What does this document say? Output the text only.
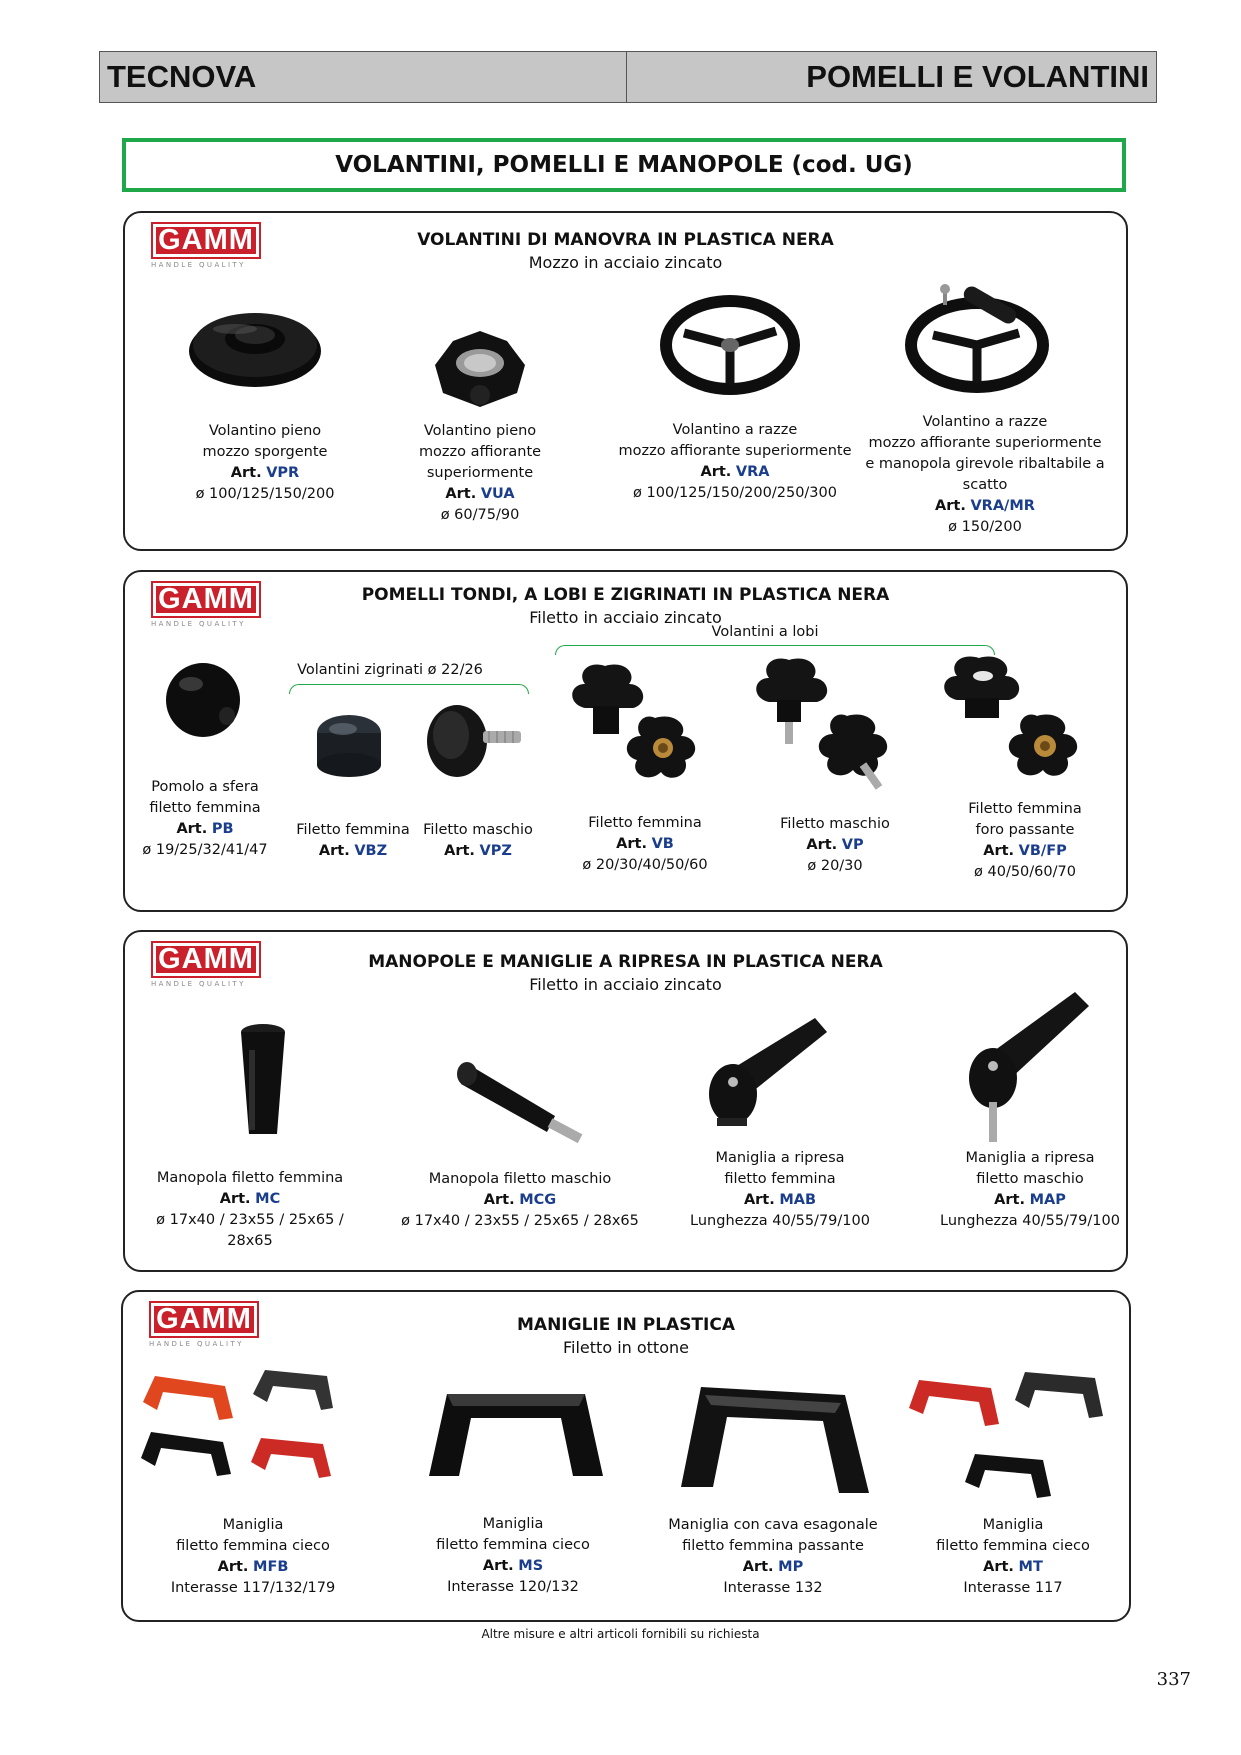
TECNOVA	POMELLI E VOLANTINI
VOLANTINI, POMELLI E MANOPOLE (cod. UG)
GAMM
HANDLE QUALITY
VOLANTINI DI MANOVRA IN PLASTICA NERA
Mozzo in acciaio zincato
Volantino pieno
mozzo sporgente
Art. VPR
ø 100/125/150/200
Volantino pieno
mozzo affiorante superiormente
Art. VUA
ø 60/75/90
Volantino a razze
mozzo affiorante superiormente
Art. VRA
ø 100/125/150/200/250/300
Volantino a razze
mozzo affiorante superiormente
e manopola girevole ribaltabile a scatto
Art. VRA/MR
ø 150/200
GAMM
HANDLE QUALITY
POMELLI TONDI, A LOBI E ZIGRINATI IN PLASTICA NERA
Filetto in acciaio zincato
Volantini zigrinati ø 22/26
Volantini a lobi
Pomolo a sfera
filetto femmina
Art. PB
ø 19/25/32/41/47
Filetto femmina
Art. VBZ
Filetto maschio
Art. VPZ
Filetto femmina
Art. VB
ø 20/30/40/50/60
Filetto maschio
Art. VP
ø 20/30
Filetto femmina
foro passante
Art. VB/FP
ø 40/50/60/70
GAMM
HANDLE QUALITY
MANOPOLE E MANIGLIE A RIPRESA IN PLASTICA NERA
Filetto in acciaio zincato
Manopola filetto femmina
Art. MC
ø 17x40 / 23x55 / 25x65 / 28x65
Manopola filetto maschio
Art. MCG
ø 17x40 / 23x55 / 25x65 / 28x65
Maniglia a ripresa
filetto femmina
Art. MAB
Lunghezza 40/55/79/100
Maniglia a ripresa
filetto maschio
Art. MAP
Lunghezza 40/55/79/100
GAMM
HANDLE QUALITY
MANIGLIE IN PLASTICA
Filetto in ottone
Maniglia
filetto femmina cieco
Art. MFB
Interasse 117/132/179
Maniglia
filetto femmina cieco
Art. MS
Interasse 120/132
Maniglia con cava esagonale
filetto femmina passante
Art. MP
Interasse 132
Maniglia
filetto femmina cieco
Art. MT
Interasse 117
Altre misure e altri articoli fornibili su richiesta
337
